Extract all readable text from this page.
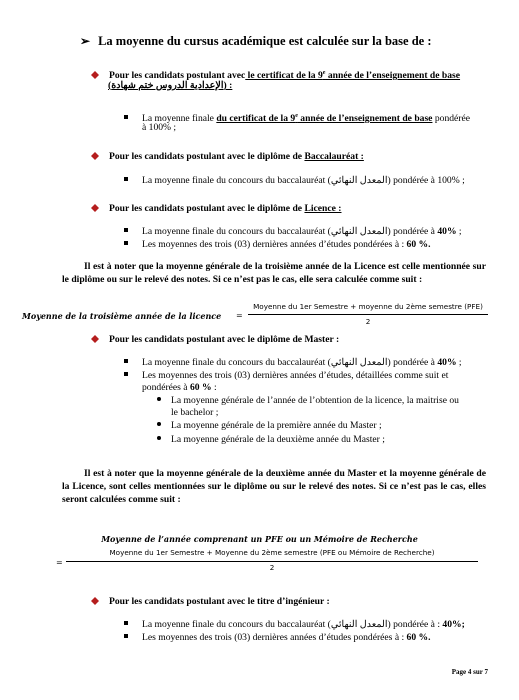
➢ La moyenne du cursus académique est calculée sur la base de :
Pour les candidats postulant avec le certificat de la 9e année de l’enseignement de base
(الإعدادية الدروس ختم شهادة) :
La moyenne finale du certificat de la 9e année de l’enseignement de base pondérée
à 100% ;
Pour les candidats postulant avec le diplôme de Baccalauréat :
La moyenne finale du concours du baccalauréat (المعدل النهائي) pondérée à 100% ;
Pour les candidats postulant avec le diplôme de Licence :
La moyenne finale du concours du baccalauréat (المعدل النهائي) pondérée à 40% ;
Les moyennes des trois (03) dernières années d’études pondérées à : 60 %.
Il est à noter que la moyenne générale de la troisième année de la Licence est celle mentionnée sur le diplôme ou sur le relevé des notes. Si ce n’est pas le cas, elle sera calculée comme suit :
Moyenne de la troisième année de la licence =
Moyenne du 1er Semestre + moyenne du 2ème semestre (PFE)
2
Pour les candidats postulant avec le diplôme de Master :
La moyenne finale du concours du baccalauréat (المعدل النهائي) pondérée à 40% ;
Les moyennes des trois (03) dernières années d’études, détaillées comme suit et
pondérées à 60 % :
La moyenne générale de l’année de l’obtention de la licence, la maitrise ou
le bachelor ;
La moyenne générale de la première année du Master ;
La moyenne générale de la deuxième année du Master ;
Il est à noter que la moyenne générale de la deuxième année du Master et la moyenne générale de la Licence, sont celles mentionnées sur le diplôme ou sur le relevé des notes. Si ce n’est pas le cas, elles seront calculées comme suit :
Moyenne de l’année comprenant un PFE ou un Mémoire de Recherche
=
Moyenne du 1er Semestre + Moyenne du 2ème semestre (PFE ou Mémoire de Recherche)
2
Pour les candidats postulant avec le titre d’ingénieur :
La moyenne finale du concours du baccalauréat (المعدل النهائي) pondérée à : 40%;
Les moyennes des trois (03) dernières années d’études pondérées à : 60 %.
Page 4 sur 7
